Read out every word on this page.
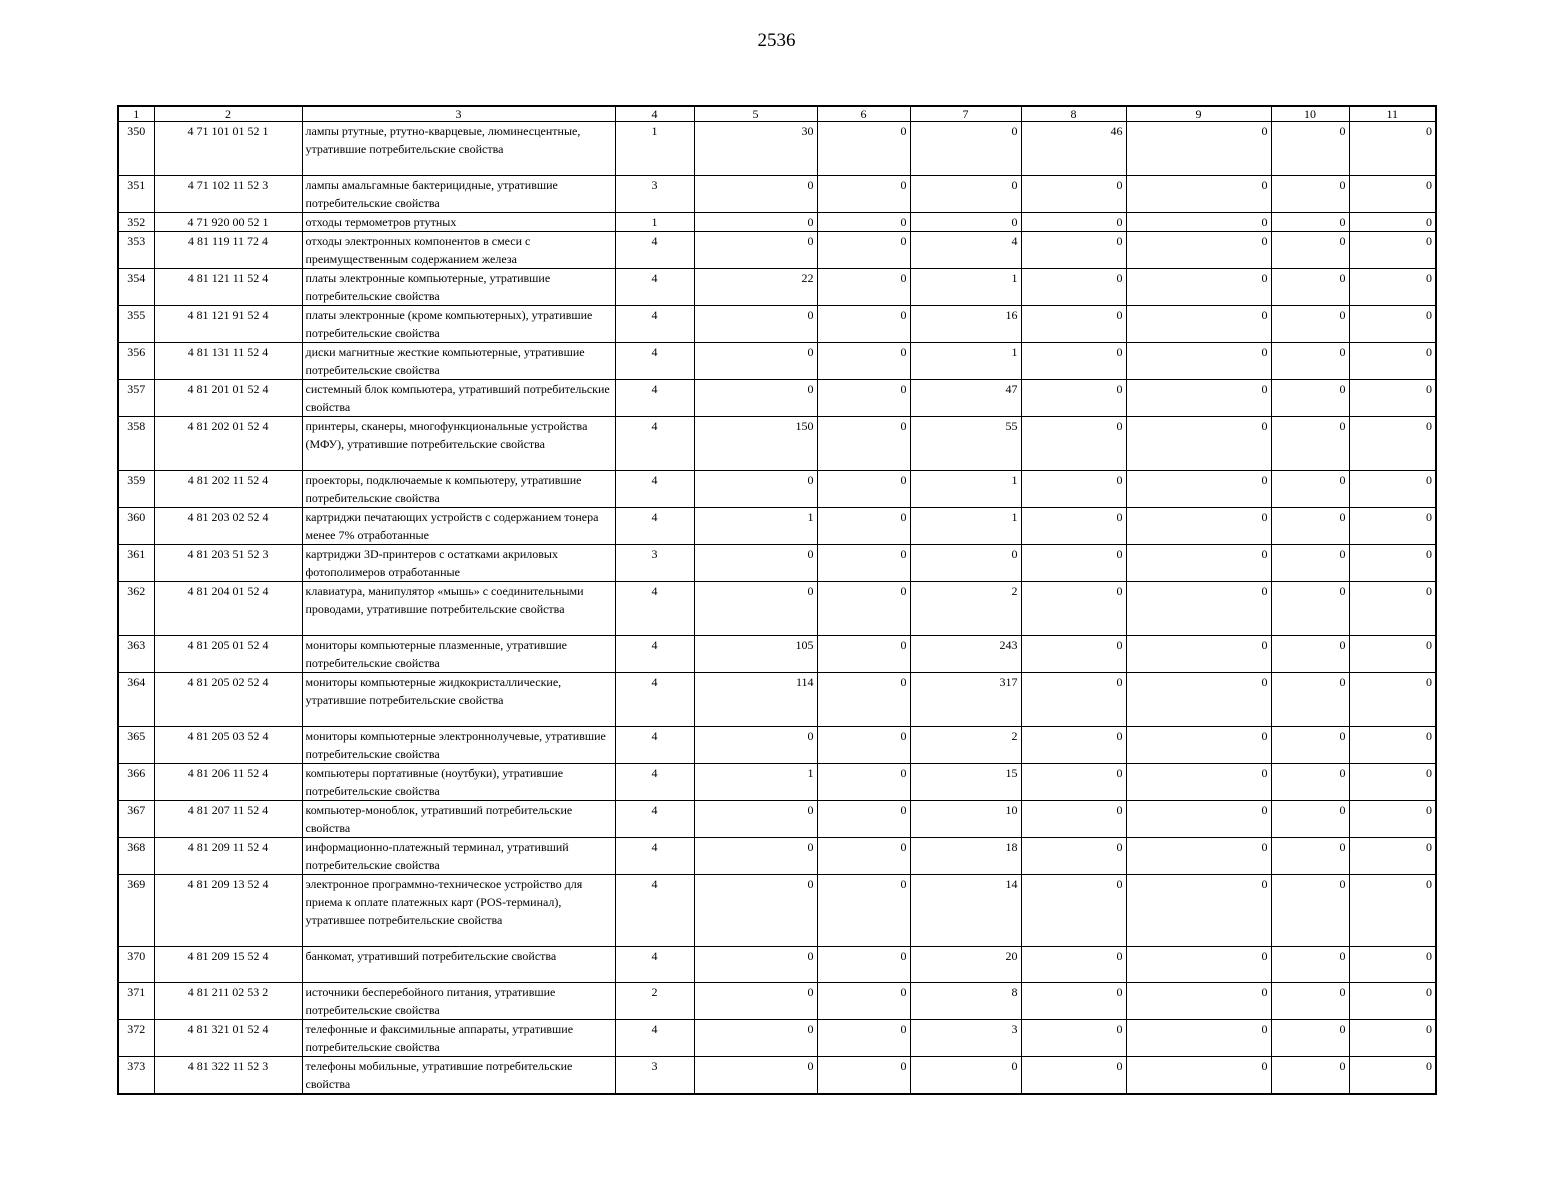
2536
1	2	3	4	5	6	7	8	9	10	11
350	4 71 101 01 52 1	лампы ртутные, ртутно-кварцевые, люминесцентные, утратившие потребительские свойства	1	30	0	0	46	0	0	0
351	4 71 102 11 52 3	лампы амальгамные бактерицидные, утратившие потребительские свойства	3	0	0	0	0	0	0	0
352	4 71 920 00 52 1	отходы термометров ртутных	1	0	0	0	0	0	0	0
353	4 81 119 11 72 4	отходы электронных компонентов в смеси с преимущественным содержанием железа	4	0	0	4	0	0	0	0
354	4 81 121 11 52 4	платы электронные компьютерные, утратившие потребительские свойства	4	22	0	1	0	0	0	0
355	4 81 121 91 52 4	платы электронные (кроме компьютерных), утратившие потребительские свойства	4	0	0	16	0	0	0	0
356	4 81 131 11 52 4	диски магнитные жесткие компьютерные, утратившие потребительские свойства	4	0	0	1	0	0	0	0
357	4 81 201 01 52 4	системный блок компьютера, утративший потребительские свойства	4	0	0	47	0	0	0	0
358	4 81 202 01 52 4	принтеры, сканеры, многофункциональные устройства (МФУ), утратившие потребительские свойства	4	150	0	55	0	0	0	0
359	4 81 202 11 52 4	проекторы, подключаемые к компьютеру, утратившие потребительские свойства	4	0	0	1	0	0	0	0
360	4 81 203 02 52 4	картриджи печатающих устройств с содержанием тонера менее 7% отработанные	4	1	0	1	0	0	0	0
361	4 81 203 51 52 3	картриджи 3D-принтеров с остатками акриловых фотополимеров отработанные	3	0	0	0	0	0	0	0
362	4 81 204 01 52 4	клавиатура, манипулятор «мышь» с соединительными проводами, утратившие потребительские свойства	4	0	0	2	0	0	0	0
363	4 81 205 01 52 4	мониторы компьютерные плазменные, утратившие потребительские свойства	4	105	0	243	0	0	0	0
364	4 81 205 02 52 4	мониторы компьютерные жидкокристаллические, утратившие потребительские свойства	4	114	0	317	0	0	0	0
365	4 81 205 03 52 4	мониторы компьютерные электроннолучевые, утратившие потребительские свойства	4	0	0	2	0	0	0	0
366	4 81 206 11 52 4	компьютеры портативные (ноутбуки), утратившие потребительские свойства	4	1	0	15	0	0	0	0
367	4 81 207 11 52 4	компьютер-моноблок, утративший потребительские свойства	4	0	0	10	0	0	0	0
368	4 81 209 11 52 4	информационно-платежный терминал, утративший потребительские свойства	4	0	0	18	0	0	0	0
369	4 81 209 13 52 4	электронное программно-техническое устройство для приема к оплате платежных карт (POS-терминал), утратившее потребительские свойства	4	0	0	14	0	0	0	0
370	4 81 209 15 52 4	банкомат, утративший потребительские свойства	4	0	0	20	0	0	0	0
371	4 81 211 02 53 2	источники бесперебойного питания, утратившие потребительские свойства	2	0	0	8	0	0	0	0
372	4 81 321 01 52 4	телефонные и факсимильные аппараты, утратившие потребительские свойства	4	0	0	3	0	0	0	0
373	4 81 322 11 52 3	телефоны мобильные, утратившие потребительские свойства	3	0	0	0	0	0	0	0
